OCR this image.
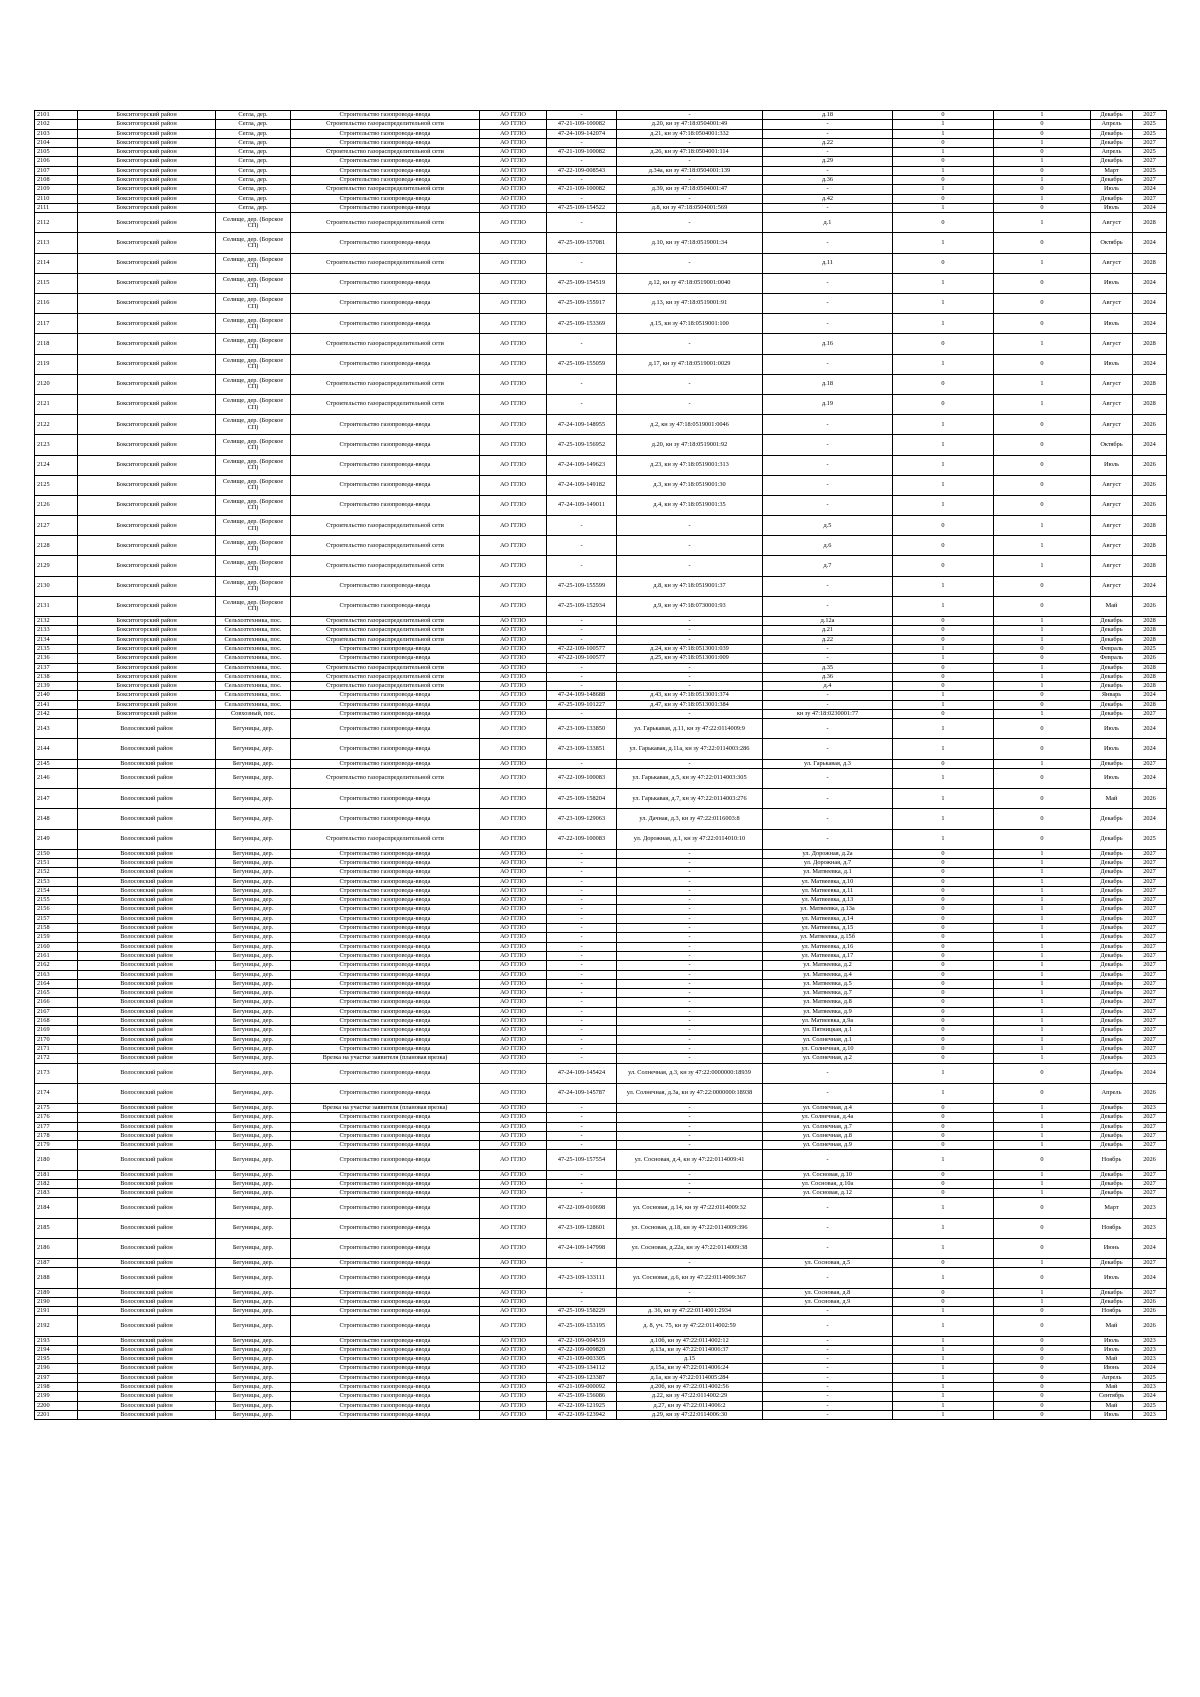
2101	Бокситогорский район	Сегла, дер.	Строительство газопровода-ввода	АО ГГЛО	-	-	д.18	0	1	Декабрь	2027
2102	Бокситогорский район	Сегла, дер.	Строительство газораспределительной сети	АО ГГЛО	47-21-109-100082	д.20, кн зу 47:18:0504001:49	-	1	0	Апрель	2025
2103	Бокситогорский район	Сегла, дер.	Строительство газопровода-ввода	АО ГГЛО	47-24-109-142074	д.21, кн зу 47:18:0504001:332	-	1	0	Декабрь	2025
2104	Бокситогорский район	Сегла, дер.	Строительство газопровода-ввода	АО ГГЛО	-	-	д.22	0	1	Декабрь	2027
2105	Бокситогорский район	Сегла, дер.	Строительство газораспределительной сети	АО ГГЛО	47-21-109-100082	д.26, кн зу 47:18:0504001:114	-	1	0	Апрель	2025
2106	Бокситогорский район	Сегла, дер.	Строительство газопровода-ввода	АО ГГЛО	-	-	д.29	0	1	Декабрь	2027
2107	Бокситогорский район	Сегла, дер.	Строительство газопровода-ввода	АО ГГЛО	47-22-109-008543	д.34а, кн зу 47:18:0504001:139	-	1	0	Март	2025
2108	Бокситогорский район	Сегла, дер.	Строительство газопровода-ввода	АО ГГЛО	-	-	д.36	0	1	Декабрь	2027
2109	Бокситогорский район	Сегла, дер.	Строительство газораспределительной сети	АО ГГЛО	47-21-109-100082	д.39, кн зу 47:18:0504001:47	-	1	0	Июль	2024
2110	Бокситогорский район	Сегла, дер.	Строительство газопровода-ввода	АО ГГЛО	-	-	д.42	0	1	Декабрь	2027
2111	Бокситогорский район	Сегла, дер.	Строительство газопровода-ввода	АО ГГЛО	47-25-109-154522	д.8, кн зу 47:18:0504001:569	-	1	0	Июль	2024
2112	Бокситогорский район	Селище, дер. (Борское СП)	Строительство газораспределительной сети	АО ГГЛО	-	-	д.1	0	1	Август	2028
2113	Бокситогорский район	Селище, дер. (Борское СП)	Строительство газопровода-ввода	АО ГГЛО	47-25-109-157081	д.10, кн зу 47:18:0519001:34	-	1	0	Октябрь	2024
2114	Бокситогорский район	Селище, дер. (Борское СП)	Строительство газораспределительной сети	АО ГГЛО	-	-	д.11	0	1	Август	2028
2115	Бокситогорский район	Селище, дер. (Борское СП)	Строительство газопровода-ввода	АО ГГЛО	47-25-109-154519	д.12, кн зу 47:18:0519001:0040	-	1	0	Июль	2024
2116	Бокситогорский район	Селище, дер. (Борское СП)	Строительство газопровода-ввода	АО ГГЛО	47-25-109-155917	д.13, кн зу 47:18:0519001:91	-	1	0	Август	2024
2117	Бокситогорский район	Селище, дер. (Борское СП)	Строительство газопровода-ввода	АО ГГЛО	47-25-109-153369	д.15, кн зу 47:18:0519001:100	-	1	0	Июль	2024
2118	Бокситогорский район	Селище, дер. (Борское СП)	Строительство газораспределительной сети	АО ГГЛО	-	-	д.16	0	1	Август	2028
2119	Бокситогорский район	Селище, дер. (Борское СП)	Строительство газопровода-ввода	АО ГГЛО	47-25-109-155059	д.17, кн зу 47:18:0519001:0029	-	1	0	Июль	2024
2120	Бокситогорский район	Селище, дер. (Борское СП)	Строительство газораспределительной сети	АО ГГЛО	-	-	д.18	0	1	Август	2028
2121	Бокситогорский район	Селище, дер. (Борское СП)	Строительство газораспределительной сети	АО ГГЛО	-	-	д.19	0	1	Август	2028
2122	Бокситогорский район	Селище, дер. (Борское СП)	Строительство газопровода-ввода	АО ГГЛО	47-24-109-148955	д.2, кн зу 47:18:0519001:0046	-	1	0	Август	2026
2123	Бокситогорский район	Селище, дер. (Борское СП)	Строительство газопровода-ввода	АО ГГЛО	47-25-109-156952	д.20, кн зу 47:18:0519001:92	-	1	0	Октябрь	2024
2124	Бокситогорский район	Селище, дер. (Борское СП)	Строительство газопровода-ввода	АО ГГЛО	47-24-109-149623	д.23, кн зу 47:18:0519001:313	-	1	0	Июль	2026
2125	Бокситогорский район	Селище, дер. (Борское СП)	Строительство газопровода-ввода	АО ГГЛО	47-24-109-149182	д.3, кн зу 47:18:0519001:30	-	1	0	Август	2026
2126	Бокситогорский район	Селище, дер. (Борское СП)	Строительство газопровода-ввода	АО ГГЛО	47-24-109-149011	д.4, кн зу 47:18:0519001:35	-	1	0	Август	2026
2127	Бокситогорский район	Селище, дер. (Борское СП)	Строительство газораспределительной сети	АО ГГЛО	-	-	д.5	0	1	Август	2028
2128	Бокситогорский район	Селище, дер. (Борское СП)	Строительство газораспределительной сети	АО ГГЛО	-	-	д.6	0	1	Август	2028
2129	Бокситогорский район	Селище, дер. (Борское СП)	Строительство газораспределительной сети	АО ГГЛО	-	-	д.7	0	1	Август	2028
2130	Бокситогорский район	Селище, дер. (Борское СП)	Строительство газопровода-ввода	АО ГГЛО	47-25-109-155599	д.8, кн зу 47:18:0519001:37	-	1	0	Август	2024
2131	Бокситогорский район	Селище, дер. (Борское СП)	Строительство газопровода-ввода	АО ГГЛО	47-25-109-152934	д.9, кн зу 47:18:0730001:93	-	1	0	Май	2026
2132	Бокситогорский район	Сельхозтехника, пос.	Строительство газораспределительной сети	АО ГГЛО	-	-	д.12а	0	1	Декабрь	2028
2133	Бокситогорский район	Сельхозтехника, пос.	Строительство газораспределительной сети	АО ГГЛО	-	-	д.21	0	1	Декабрь	2028
2134	Бокситогорский район	Сельхозтехника, пос.	Строительство газораспределительной сети	АО ГГЛО	-	-	д.22	0	1	Декабрь	2028
2135	Бокситогорский район	Сельхозтехника, пос.	Строительство газопровода-ввода	АО ГГЛО	47-22-109-100577	д.24, кн зу 47:18:0513001:039	-	1	0	Февраль	2025
2136	Бокситогорский район	Сельхозтехника, пос.	Строительство газопровода-ввода	АО ГГЛО	47-22-109-100577	д.25, кн зу 47:18:0513001:009	-	1	0	Февраль	2026
2137	Бокситогорский район	Сельхозтехника, пос.	Строительство газораспределительной сети	АО ГГЛО	-	-	д.35	0	1	Декабрь	2028
2138	Бокситогорский район	Сельхозтехника, пос.	Строительство газораспределительной сети	АО ГГЛО	-	-	д.36	0	1	Декабрь	2028
2139	Бокситогорский район	Сельхозтехника, пос.	Строительство газораспределительной сети	АО ГГЛО	-	-	д.4	0	1	Декабрь	2028
2140	Бокситогорский район	Сельхозтехника, пос.	Строительство газопровода-ввода	АО ГГЛО	47-24-109-148688	д.43, кн зу 47:18:0513001:374	-	1	0	Январь	2024
2141	Бокситогорский район	Сельхозтехника, пос.	Строительство газопровода-ввода	АО ГГЛО	47-25-109-101227	д.47, кн зу 47:18:0513001:384	-	1	0	Декабрь	2028
2142	Бокситогорский район	Совхозный, пос.	Строительство газопровода-ввода	АО ГГЛО	-	-	кн зу 47:18:0230001:77	0	1	Декабрь	2027
2143	Волосовский район	Бегуницы, дер.	Строительство газопровода-ввода	АО ГГЛО	47-23-109-133850	ул. Гарькавая, д.11, кн зу 47:22:0114009:9	-	1	0	Июль	2024
2144	Волосовский район	Бегуницы, дер.	Строительство газопровода-ввода	АО ГГЛО	47-23-109-133851	ул. Гарькавая, д.11а, кн зу 47:22:0114003:286	-	1	0	Июль	2024
2145	Волосовский район	Бегуницы, дер.	Строительство газопровода-ввода	АО ГГЛО	-	-	ул. Гарькавая, д.3	0	1	Декабрь	2027
2146	Волосовский район	Бегуницы, дер.	Строительство газораспределительной сети	АО ГГЛО	47-22-109-100083	ул. Гарькавая, д.5, кн зу 47:22:0114003:305	-	1	0	Июль	2024
2147	Волосовский район	Бегуницы, дер.	Строительство газопровода-ввода	АО ГГЛО	47-25-109-158204	ул. Гарькавая, д.7, кн зу 47:22:0114003:276	-	1	0	Май	2026
2148	Волосовский район	Бегуницы, дер.	Строительство газопровода-ввода	АО ГГЛО	47-23-109-129063	ул. Дачная, д.3, кн зу 47:22:0116003:8	-	1	0	Декабрь	2024
2149	Волосовский район	Бегуницы, дер.	Строительство газораспределительной сети	АО ГГЛО	47-22-109-100083	ул. Дорожная, д.1, кн зу 47:22:0114010:10	-	1	0	Декабрь	2025
2150	Волосовский район	Бегуницы, дер.	Строительство газопровода-ввода	АО ГГЛО	-	-	ул. Дорожная, д.2а	0	1	Декабрь	2027
2151	Волосовский район	Бегуницы, дер.	Строительство газопровода-ввода	АО ГГЛО	-	-	ул. Дорожная, д.7	0	1	Декабрь	2027
2152	Волосовский район	Бегуницы, дер.	Строительство газопровода-ввода	АО ГГЛО	-	-	ул. Матвеевка, д.1	0	1	Декабрь	2027
2153	Волосовский район	Бегуницы, дер.	Строительство газопровода-ввода	АО ГГЛО	-	-	ул. Матвеевка, д.10	0	1	Декабрь	2027
2154	Волосовский район	Бегуницы, дер.	Строительство газопровода-ввода	АО ГГЛО	-	-	ул. Матвеевка, д.11	0	1	Декабрь	2027
2155	Волосовский район	Бегуницы, дер.	Строительство газопровода-ввода	АО ГГЛО	-	-	ул. Матвеевка, д.13	0	1	Декабрь	2027
2156	Волосовский район	Бегуницы, дер.	Строительство газопровода-ввода	АО ГГЛО	-	-	ул. Матвеевка, д.13а	0	1	Декабрь	2027
2157	Волосовский район	Бегуницы, дер.	Строительство газопровода-ввода	АО ГГЛО	-	-	ул. Матвеевка, д.14	0	1	Декабрь	2027
2158	Волосовский район	Бегуницы, дер.	Строительство газопровода-ввода	АО ГГЛО	-	-	ул. Матвеевка, д.15	0	1	Декабрь	2027
2159	Волосовский район	Бегуницы, дер.	Строительство газопровода-ввода	АО ГГЛО	-	-	ул. Матвеевка, д.15б	0	1	Декабрь	2027
2160	Волосовский район	Бегуницы, дер.	Строительство газопровода-ввода	АО ГГЛО	-	-	ул. Матвеевка, д.16	0	1	Декабрь	2027
2161	Волосовский район	Бегуницы, дер.	Строительство газопровода-ввода	АО ГГЛО	-	-	ул. Матвеевка, д.17	0	1	Декабрь	2027
2162	Волосовский район	Бегуницы, дер.	Строительство газопровода-ввода	АО ГГЛО	-	-	ул. Матвеевка, д.2	0	1	Декабрь	2027
2163	Волосовский район	Бегуницы, дер.	Строительство газопровода-ввода	АО ГГЛО	-	-	ул. Матвеевка, д.4	0	1	Декабрь	2027
2164	Волосовский район	Бегуницы, дер.	Строительство газопровода-ввода	АО ГГЛО	-	-	ул. Матвеевка, д.5	0	1	Декабрь	2027
2165	Волосовский район	Бегуницы, дер.	Строительство газопровода-ввода	АО ГГЛО	-	-	ул. Матвеевка, д.7	0	1	Декабрь	2027
2166	Волосовский район	Бегуницы, дер.	Строительство газопровода-ввода	АО ГГЛО	-	-	ул. Матвеевка, д.8	0	1	Декабрь	2027
2167	Волосовский район	Бегуницы, дер.	Строительство газопровода-ввода	АО ГГЛО	-	-	ул. Матвеевка, д.9	0	1	Декабрь	2027
2168	Волосовский район	Бегуницы, дер.	Строительство газопровода-ввода	АО ГГЛО	-	-	ул. Матвеевка, д.9а	0	1	Декабрь	2027
2169	Волосовский район	Бегуницы, дер.	Строительство газопровода-ввода	АО ГГЛО	-	-	ул. Пятницкая, д.1	0	1	Декабрь	2027
2170	Волосовский район	Бегуницы, дер.	Строительство газопровода-ввода	АО ГГЛО	-	-	ул. Солнечная, д.1	0	1	Декабрь	2027
2171	Волосовский район	Бегуницы, дер.	Строительство газопровода-ввода	АО ГГЛО	-	-	ул. Солнечная, д.10	0	1	Декабрь	2027
2172	Волосовский район	Бегуницы, дер.	Врезка на участке заявителя (плановая врезка)	АО ГГЛО	-	-	ул. Солнечная, д.2	0	1	Декабрь	2023
2173	Волосовский район	Бегуницы, дер.	Строительство газопровода-ввода	АО ГГЛО	47-24-109-145424	ул. Солнечная, д.3, кн зу 47:22:0000000:18939	-	1	0	Декабрь	2024
2174	Волосовский район	Бегуницы, дер.	Строительство газопровода-ввода	АО ГГЛО	47-24-109-145787	ул. Солнечная, д.3а, кн зу 47:22:0000000:18938	-	1	0	Апрель	2026
2175	Волосовский район	Бегуницы, дер.	Врезка на участке заявителя (плановая врезка)	АО ГГЛО	-	-	ул. Солнечная, д.4	0	1	Декабрь	2023
2176	Волосовский район	Бегуницы, дер.	Строительство газопровода-ввода	АО ГГЛО	-	-	ул. Солнечная, д.4а	0	1	Декабрь	2027
2177	Волосовский район	Бегуницы, дер.	Строительство газопровода-ввода	АО ГГЛО	-	-	ул. Солнечная, д.7	0	1	Декабрь	2027
2178	Волосовский район	Бегуницы, дер.	Строительство газопровода-ввода	АО ГГЛО	-	-	ул. Солнечная, д.8	0	1	Декабрь	2027
2179	Волосовский район	Бегуницы, дер.	Строительство газопровода-ввода	АО ГГЛО	-	-	ул. Солнечная, д.9	0	1	Декабрь	2027
2180	Волосовский район	Бегуницы, дер.	Строительство газопровода-ввода	АО ГГЛО	47-25-109-157554	ул. Сосновая, д.4, кн зу 47:22:0114009:41	-	1	0	Ноябрь	2026
2181	Волосовский район	Бегуницы, дер.	Строительство газопровода-ввода	АО ГГЛО	-	-	ул. Сосновая, д.10	0	1	Декабрь	2027
2182	Волосовский район	Бегуницы, дер.	Строительство газопровода-ввода	АО ГГЛО	-	-	ул. Сосновая, д.10а	0	1	Декабрь	2027
2183	Волосовский район	Бегуницы, дер.	Строительство газопровода-ввода	АО ГГЛО	-	-	ул. Сосновая, д.12	0	1	Декабрь	2027
2184	Волосовский район	Бегуницы, дер.	Строительство газопровода-ввода	АО ГГЛО	47-22-109-010698	ул. Сосновая, д.14, кн зу 47:22:0114009:32	-	1	0	Март	2023
2185	Волосовский район	Бегуницы, дер.	Строительство газопровода-ввода	АО ГГЛО	47-23-109-128601	ул. Сосновая, д.18, кн зу 47:22:0114009:396	-	1	0	Ноябрь	2023
2186	Волосовский район	Бегуницы, дер.	Строительство газопровода-ввода	АО ГГЛО	47-24-109-147998	ул. Сосновая, д.22а, кн зу 47:22:0114009:38	-	1	0	Июнь	2024
2187	Волосовский район	Бегуницы, дер.	Строительство газопровода-ввода	АО ГГЛО	-	-	ул. Сосновая, д.5	0	1	Декабрь	2027
2188	Волосовский район	Бегуницы, дер.	Строительство газопровода-ввода	АО ГГЛО	47-23-109-133111	ул. Сосновая, д.6, кн зу 47:22:0114009:367	-	1	0	Июль	2024
2189	Волосовский район	Бегуницы, дер.	Строительство газопровода-ввода	АО ГГЛО	-	-	ул. Сосновая, д.8	0	1	Декабрь	2027
2190	Волосовский район	Бегуницы, дер.	Строительство газопровода-ввода	АО ГГЛО	-	-	ул. Сосновая, д.9	0	1	Декабрь	2026
2191	Волосовский район	Бегуницы, дер.	Строительство газопровода-ввода	АО ГГЛО	47-25-109-158229	д. 36, кн зу 47:22:0114001:2934	-	1	0	Ноябрь	2026
2192	Волосовский район	Бегуницы, дер.	Строительство газопровода-ввода	АО ГГЛО	47-25-109-153195	д. 8, уч. 75, кн зу 47:22:0114002:59	-	1	0	Май	2026
2193	Волосовский район	Бегуницы, дер.	Строительство газопровода-ввода	АО ГГЛО	47-22-109-004519	д.10б, кн зу 47:22:0114002:12	-	1	0	Июль	2023
2194	Волосовский район	Бегуницы, дер.	Строительство газопровода-ввода	АО ГГЛО	47-22-109-009820	д.13а, кн зу 47:22:0114006:37	-	1	0	Июль	2023
2195	Волосовский район	Бегуницы, дер.	Строительство газопровода-ввода	АО ГГЛО	47-21-109-003305	д.15	-	1	0	Май	2023
2196	Волосовский район	Бегуницы, дер.	Строительство газопровода-ввода	АО ГГЛО	47-23-109-134112	д.15а, кн зу 47:22:0114006:24	-	1	0	Июнь	2024
2197	Волосовский район	Бегуницы, дер.	Строительство газопровода-ввода	АО ГГЛО	47-23-109-123387	д.1а, кн зу 47:22:0114005:284	-	1	0	Апрель	2025
2198	Волосовский район	Бегуницы, дер.	Строительство газопровода-ввода	АО ГГЛО	47-21-109-000092	д.20б, кн зу 47:22:0114002:56	-	1	0	Май	2023
2199	Волосовский район	Бегуницы, дер.	Строительство газопровода-ввода	АО ГГЛО	47-25-109-156086	д.22, кн зу 47:22:0114002:29	-	1	0	Сентябрь	2024
2200	Волосовский район	Бегуницы, дер.	Строительство газопровода-ввода	АО ГГЛО	47-22-109-121925	д.27, кн зу 47:22:0114006:2	-	1	0	Май	2025
2201	Волосовский район	Бегуницы, дер.	Строительство газопровода-ввода	АО ГГЛО	47-22-109-123942	д.29, кн зу 47:22:0114006:30	-	1	0	Июль	2023
